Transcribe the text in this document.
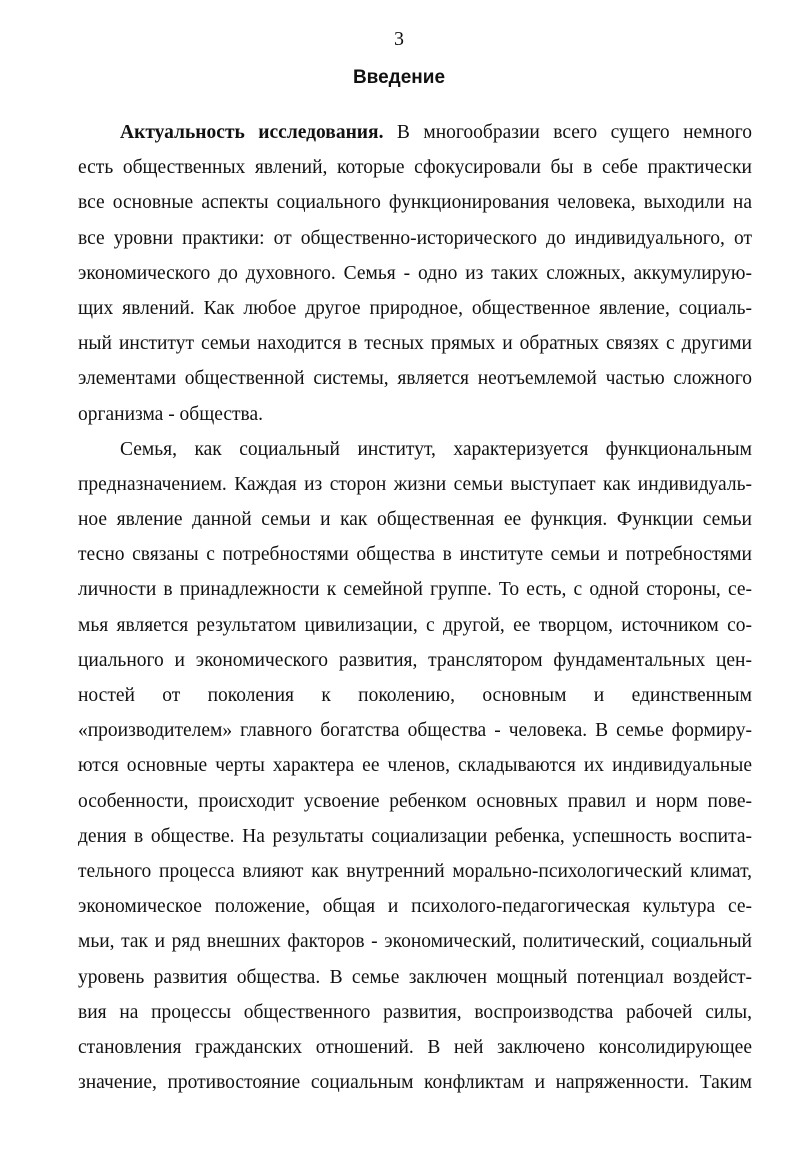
3
Введение
Актуальность исследования. В многообразии всего сущего немного
есть общественных явлений, которые сфокусировали бы в себе практически
все основные аспекты социального функционирования человека, выходили на
все уровни практики: от общественно-исторического до индивидуального, от
экономического до духовного. Семья - одно из таких сложных, аккумулирую-
щих явлений. Как любое другое природное, общественное явление, социаль-
ный институт семьи находится в тесных прямых и обратных связях с другими
элементами общественной системы, является неотъемлемой частью сложного
организма - общества.
Семья, как социальный институт, характеризуется функциональным
предназначением. Каждая из сторон жизни семьи выступает как индивидуаль-
ное явление данной семьи и как общественная ее функция. Функции семьи
тесно связаны с потребностями общества в институте семьи и потребностями
личности в принадлежности к семейной группе. То есть, с одной стороны, се-
мья является результатом цивилизации, с другой, ее творцом, источником со-
циального и экономического развития, транслятором фундаментальных цен-
ностей от поколения к поколению, основным и единственным
«производителем» главного богатства общества - человека. В семье формиру-
ются основные черты характера ее членов, складываются их индивидуальные
особенности, происходит усвоение ребенком основных правил и норм пове-
дения в обществе. На результаты социализации ребенка, успешность воспита-
тельного процесса влияют как внутренний морально-психологический климат,
экономическое положение, общая и психолого-педагогическая культура се-
мьи, так и ряд внешних факторов - экономический, политический, социальный
уровень развития общества. В семье заключен мощный потенциал воздейст-
вия на процессы общественного развития, воспроизводства рабочей силы,
становления гражданских отношений. В ней заключено консолидирующее
значение, противостояние социальным конфликтам и напряженности. Таким
